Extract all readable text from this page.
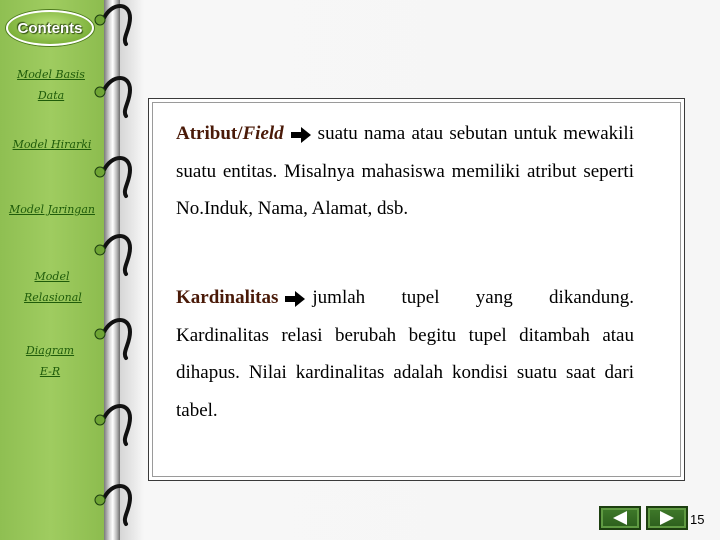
Contents
Model Basis Data
Model Hirarki
Model Jaringan
Model Relasional
Diagram E-R

Atribut/Field suatu nama atau sebutan untuk mewakili suatu entitas. Misalnya mahasiswa memiliki atribut seperti No.Induk, Nama, Alamat, dsb.

Kardinalitas jumlah tupel yang dikandung. Kardinalitas relasi berubah begitu tupel ditambah atau dihapus. Nilai kardinalitas adalah kondisi suatu saat dari tabel.

15
